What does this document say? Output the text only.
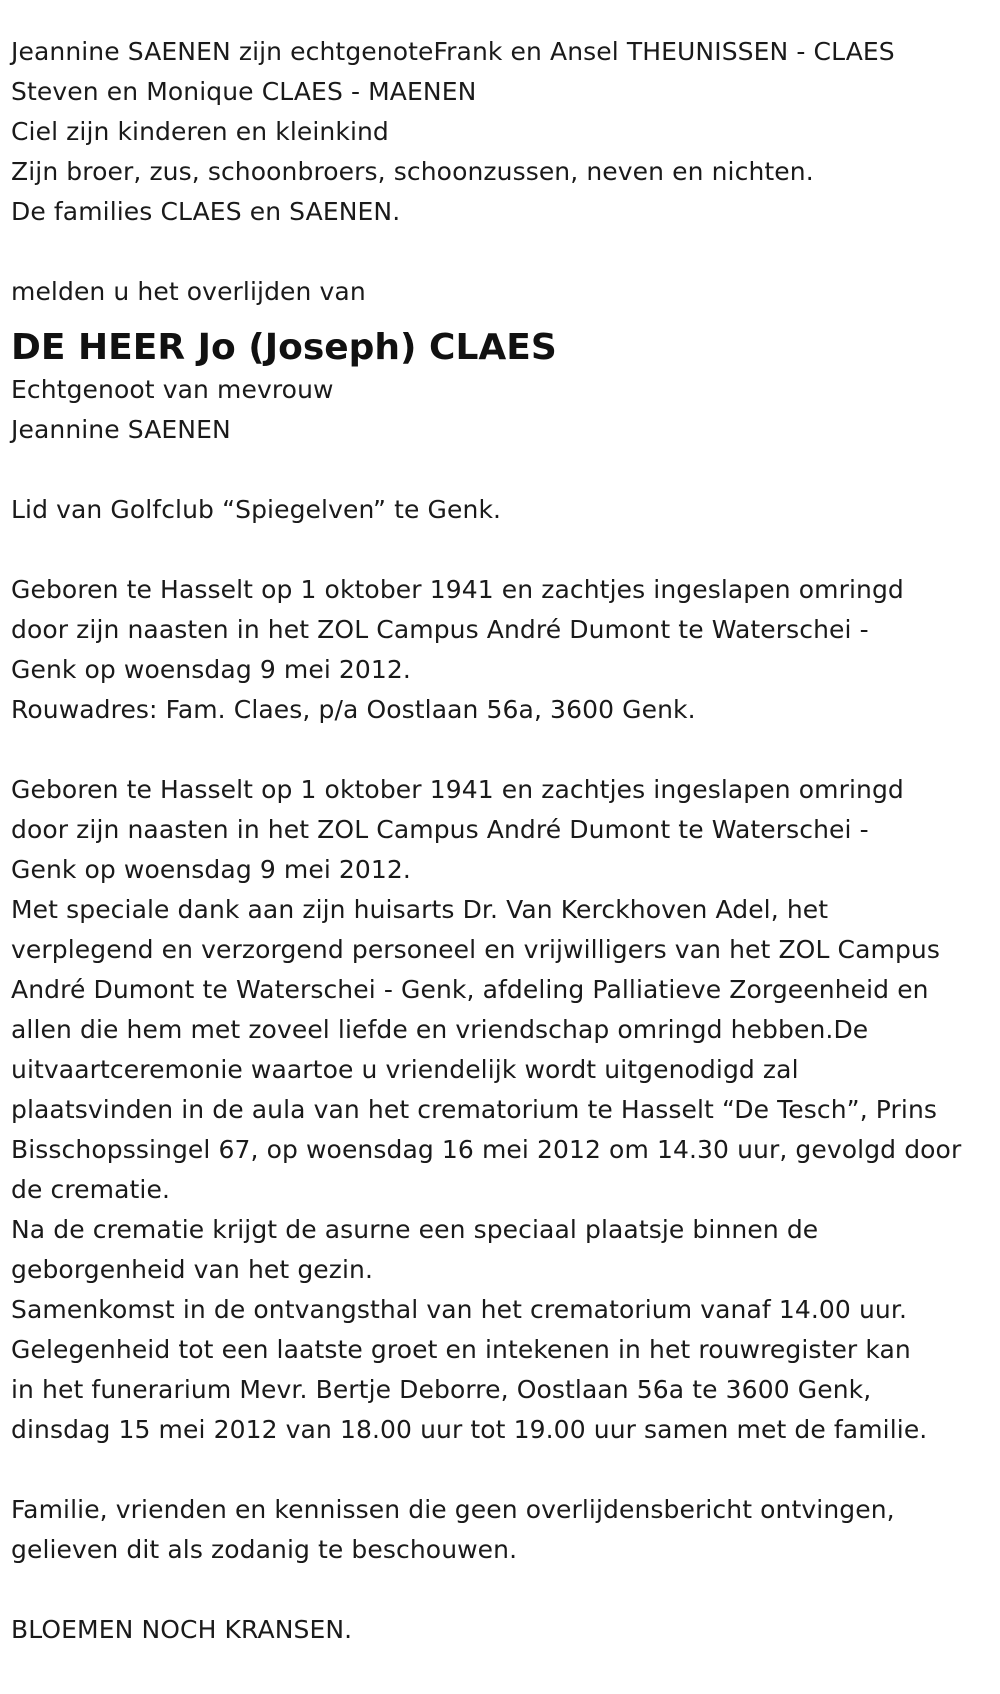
Jeannine SAENEN zijn echtgenoteFrank en Ansel THEUNISSEN - CLAES
Steven en Monique CLAES - MAENEN
Ciel zijn kinderen en kleinkind
Zijn broer, zus, schoonbroers, schoonzussen, neven en nichten.
De families CLAES en SAENEN.
melden u het overlijden van
DE HEER Jo (Joseph) CLAES
Echtgenoot van mevrouw
Jeannine SAENEN
Lid van Golfclub “Spiegelven” te Genk.
Geboren te Hasselt op 1 oktober 1941 en zachtjes ingeslapen omringd
door zijn naasten in het ZOL Campus André Dumont te Waterschei -
Genk op woensdag 9 mei 2012.
Rouwadres: Fam. Claes, p/a Oostlaan 56a, 3600 Genk.
Geboren te Hasselt op 1 oktober 1941 en zachtjes ingeslapen omringd
door zijn naasten in het ZOL Campus André Dumont te Waterschei -
Genk op woensdag 9 mei 2012.
Met speciale dank aan zijn huisarts Dr. Van Kerckhoven Adel, het
verplegend en verzorgend personeel en vrijwilligers van het ZOL Campus
André Dumont te Waterschei - Genk, afdeling Palliatieve Zorgeenheid en
allen die hem met zoveel liefde en vriendschap omringd hebben.De
uitvaartceremonie waartoe u vriendelijk wordt uitgenodigd zal
plaatsvinden in de aula van het crematorium te Hasselt “De Tesch”, Prins
Bisschopssingel 67, op woensdag 16 mei 2012 om 14.30 uur, gevolgd door
de crematie.
Na de crematie krijgt de asurne een speciaal plaatsje binnen de
geborgenheid van het gezin.
Samenkomst in de ontvangsthal van het crematorium vanaf 14.00 uur.
Gelegenheid tot een laatste groet en intekenen in het rouwregister kan
in het funerarium Mevr. Bertje Deborre, Oostlaan 56a te 3600 Genk,
dinsdag 15 mei 2012 van 18.00 uur tot 19.00 uur samen met de familie.
Familie, vrienden en kennissen die geen overlijdensbericht ontvingen,
gelieven dit als zodanig te beschouwen.
BLOEMEN NOCH KRANSEN.
